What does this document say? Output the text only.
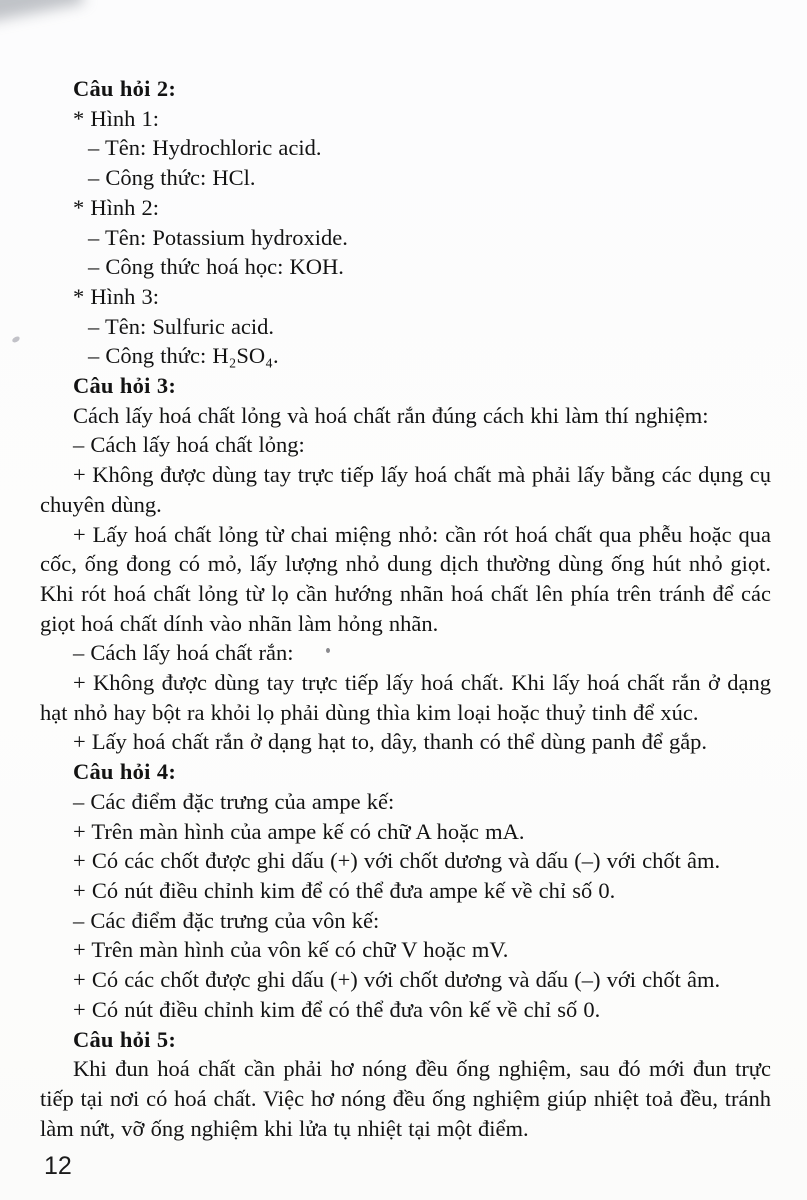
Câu hỏi 2:

* Hình 1:

– Tên: Hydrochloric acid.

– Công thức: HCl.

* Hình 2:

– Tên: Potassium hydroxide.

– Công thức hoá học: KOH.

* Hình 3:

– Tên: Sulfuric acid.

– Công thức: H₂SO₄.

Câu hỏi 3:

Cách lấy hoá chất lỏng và hoá chất rắn đúng cách khi làm thí nghiệm:

– Cách lấy hoá chất lỏng:

+ Không được dùng tay trực tiếp lấy hoá chất mà phải lấy bằng các dụng cụ chuyên dùng.

+ Lấy hoá chất lỏng từ chai miệng nhỏ: cần rót hoá chất qua phễu hoặc qua cốc, ống đong có mỏ, lấy lượng nhỏ dung dịch thường dùng ống hút nhỏ giọt. Khi rót hoá chất lỏng từ lọ cần hướng nhãn hoá chất lên phía trên tránh để các giọt hoá chất dính vào nhãn làm hỏng nhãn.

– Cách lấy hoá chất rắn:

+ Không được dùng tay trực tiếp lấy hoá chất. Khi lấy hoá chất rắn ở dạng hạt nhỏ hay bột ra khỏi lọ phải dùng thìa kim loại hoặc thuỷ tinh để xúc.

+ Lấy hoá chất rắn ở dạng hạt to, dây, thanh có thể dùng panh để gắp.

Câu hỏi 4:

– Các điểm đặc trưng của ampe kế:

+ Trên màn hình của ampe kế có chữ A hoặc mA.

+ Có các chốt được ghi dấu (+) với chốt dương và dấu (–) với chốt âm.

+ Có nút điều chỉnh kim để có thể đưa ampe kế về chỉ số 0.

– Các điểm đặc trưng của vôn kế:

+ Trên màn hình của vôn kế có chữ V hoặc mV.

+ Có các chốt được ghi dấu (+) với chốt dương và dấu (–) với chốt âm.

+ Có nút điều chỉnh kim để có thể đưa vôn kế về chỉ số 0.

Câu hỏi 5:

Khi đun hoá chất cần phải hơ nóng đều ống nghiệm, sau đó mới đun trực tiếp tại nơi có hoá chất. Việc hơ nóng đều ống nghiệm giúp nhiệt toả đều, tránh làm nứt, vỡ ống nghiệm khi lửa tụ nhiệt tại một điểm.

12
